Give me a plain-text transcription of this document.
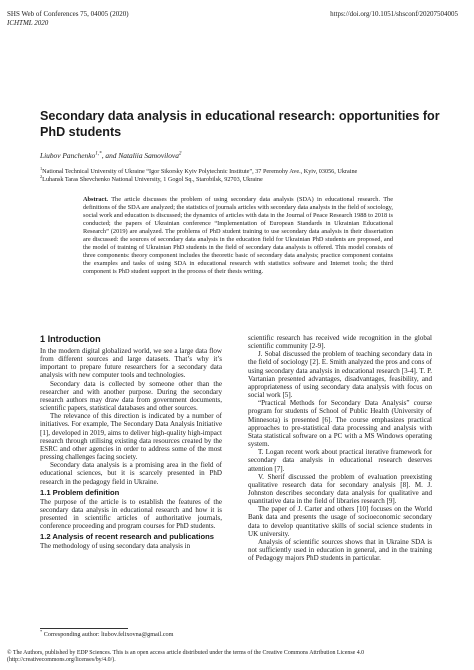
SHS Web of Conferences 75, 04005 (2020)
ICHTML 2020
https://doi.org/10.1051/shsconf/20207504005
Secondary data analysis in educational research: opportunities for PhD students
Liubov Panchenko$^{1,*}$, and Nataliia Samovilova$^2$
$^1$National Technical University of Ukraine “Igor Sikorsky Kyiv Polytechnic Institute”, 37 Peremohy Ave., Kyiv, 03056, Ukraine
$^2$Luhansk Taras Shevchenko National University, 1 Gogol Sq., Starobilsk, 92703, Ukraine

Abstract. The article discusses the problem of using secondary data analysis (SDA) in educational research. The definitions of the SDA are analyzed; the statistics of journals articles with secondary data analysis in the field of sociology, social work and education is discussed; the dynamics of articles with data in the Journal of Peace Research 1988 to 2018 is conducted; the papers of Ukrainian conference “Implementation of European Standards in Ukrainian Educational Research” (2019) are analyzed. The problems of PhD student training to use secondary data analysis in their dissertation are discussed: the sources of secondary data analysis in the education field for Ukrainian PhD students are proposed, and the model of training of Ukrainian PhD students in the field of secondary data analysis is offered. This model consists of three components: theory component includes the theoretic basic of secondary data analysis; practice component contains the examples and tasks of using SDA in educational research with statistics software and Internet tools; the third component is PhD student support in the process of their thesis writing.

1 Introduction

In the modern digital globalized world, we see a large data flow from different sources and large datasets. That’s why it’s important to prepare future researchers for a secondary data analysis with new computer tools and technologies.

Secondary data is collected by someone other than the researcher and with another purpose. During the secondary research authors may draw data from government documents, scientific papers, statistical databases and other sources.

The relevance of this direction is indicated by a number of initiatives. For example, The Secondary Data Analysis Initiative [1], developed in 2019, aims to deliver high-quality high-impact research through utilising existing data resources created by the ESRC and other agencies in order to address some of the most pressing challenges facing society.

Secondary data analysis is a promising area in the field of educational sciences, but it is scarcely presented in PhD research in the pedagogy field in Ukraine.

1.1 Problem definition

The purpose of the article is to establish the features of the secondary data analysis in educational research and how it is presented in scientific articles of authoritative journals, conference proceeding and program courses for PhD students.

1.2 Analysis of recent research and publications

The methodology of using secondary data analysis in

scientific research has received wide recognition in the global scientific community [2-9].

J. Sobal discussed the problem of teaching secondary data in the field of sociology [2]. E. Smith analyzed the pros and cons of using secondary data analysis in educational research [3-4]. T. P. Vartanian presented advantages, disadvantages, feasibility, and appropriateness of using secondary data analysis with focus on social work [5].

“Practical Methods for Secondary Data Analysis” course program for students of School of Public Health (University of Minnesota) is presented [6]. The course emphasizes practical approaches to pre-statistical data processing and analysis with Stata statistical software on a PC with a MS Windows operating system.

T. Logan recent work about practical iterative framework for secondary data analysis in educational research deserves attention [7].

V. Sherif discussed the problem of evaluation preexisting qualitative research data for secondary analysis [8]. M. J. Johnston describes secondary data analysis for qualitative and quantitative data in the field of libraries research [9].

The paper of J. Carter and others [10] focuses on the World Bank data and presents the usage of socioeconomic secondary data to develop quantitative skills of social science students in UK university.

Analysis of scientific sources shows that in Ukraine SDA is not sufficiently used in education in general, and in the training of Pedagogy majors PhD students in particular.

* Corresponding author: liubov.felixovna@gmail.com
© The Authors, published by EDP Sciences. This is an open access article distributed under the terms of the Creative Commons Attribution License 4.0
(http://creativecommons.org/licenses/by/4.0/).
